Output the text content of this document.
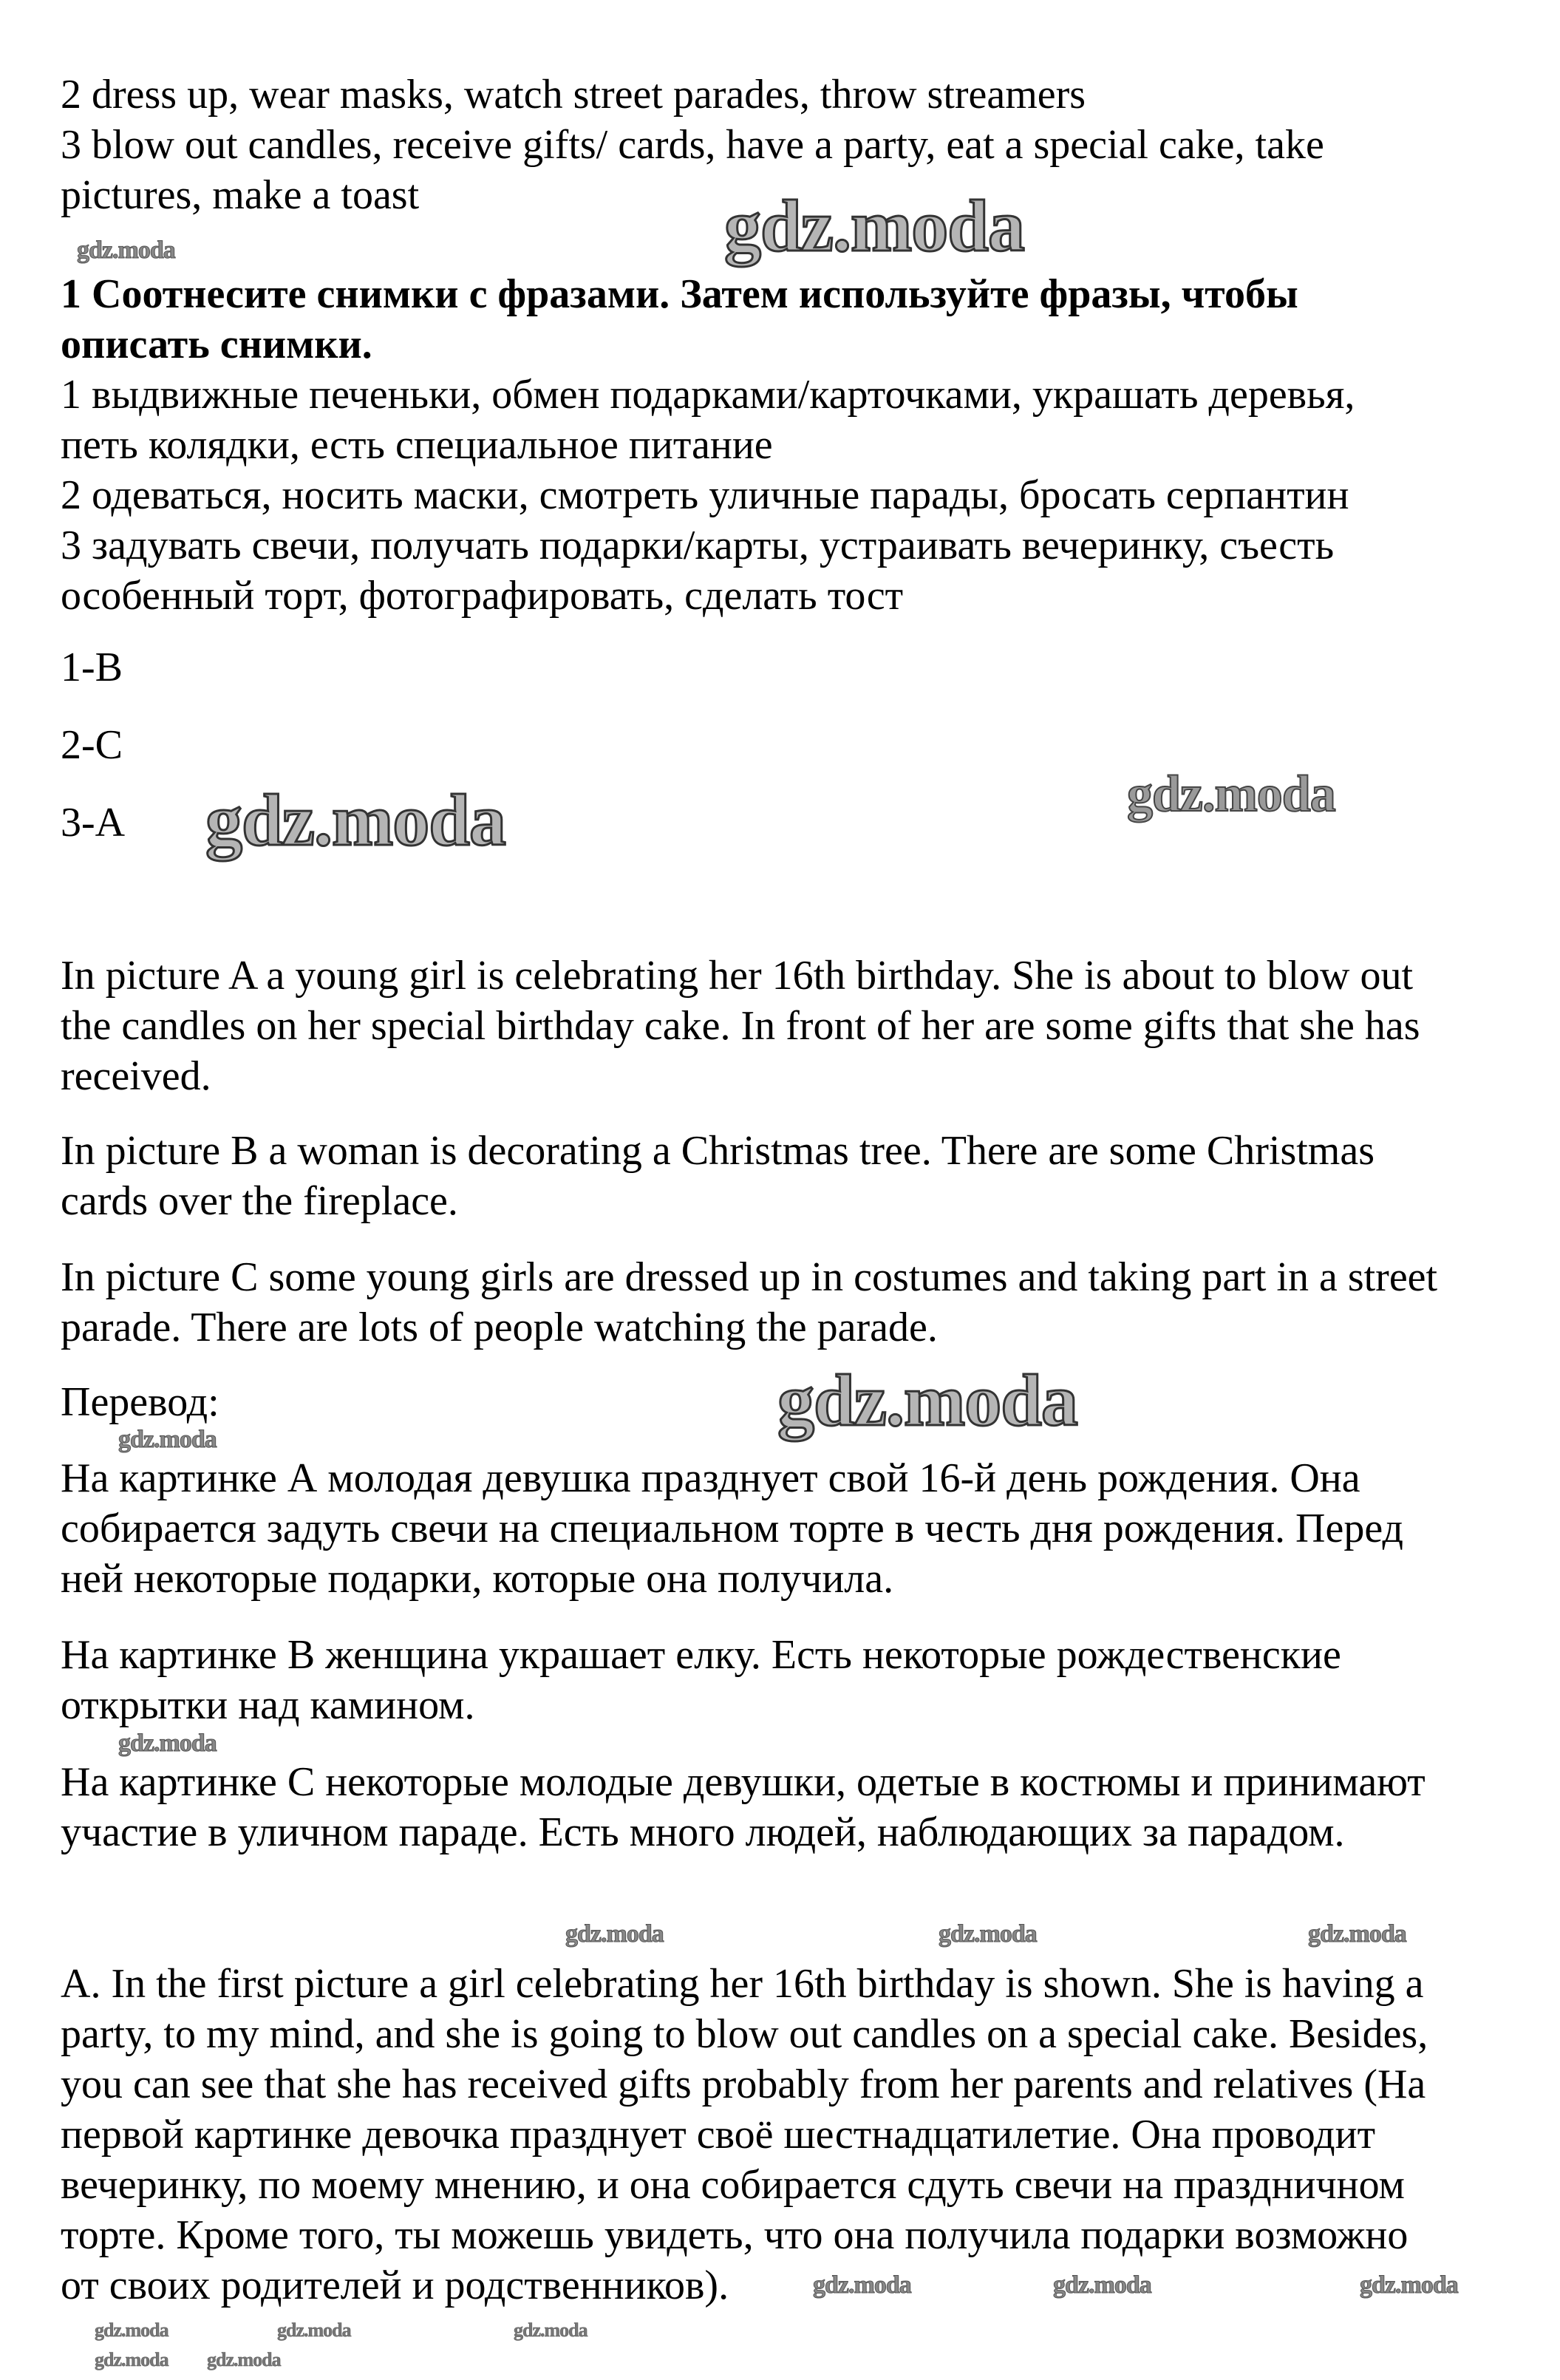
2 dress up, wear masks, watch street parades, throw streamers
3 blow out candles, receive gifts/ cards, have a party, eat a special cake, take
pictures, make a toast
1 Соотнесите снимки с фразами. Затем используйте фразы, чтобы
описать снимки.
1 выдвижные печеньки, обмен подарками/карточками, украшать деревья,
петь колядки, есть специальное питание
2 одеваться, носить маски, смотреть уличные парады, бросать серпантин
3 задувать свечи, получать подарки/карты, устраивать вечеринку, съесть
особенный торт, фотографировать, сделать тост
1-B
2-C
3-A
In picture A a young girl is celebrating her 16th birthday. She is about to blow out
the candles on her special birthday cake. In front of her are some gifts that she has
received.
In picture B a woman is decorating a Christmas tree. There are some Christmas
cards over the fireplace.
In picture C some young girls are dressed up in costumes and taking part in a street
parade. There are lots of people watching the parade.
Перевод:
На картинке А молодая девушка празднует свой 16-й день рождения. Она
собирается задуть свечи на специальном торте в честь дня рождения. Перед
ней некоторые подарки, которые она получила.
На картинке В женщина украшает елку. Есть некоторые рождественские
открытки над камином.
На картинке С некоторые молодые девушки, одетые в костюмы и принимают
участие в уличном параде. Есть много людей, наблюдающих за парадом.
A. In the first picture a girl celebrating her 16th birthday is shown. She is having a
party, to my mind, and she is going to blow out candles on a special cake. Besides,
you can see that she has received gifts probably from her parents and relatives (На
первой картинке девочка празднует своё шестнадцатилетие. Она проводит
вечеринку, по моему мнению, и она собирается сдуть свечи на праздничном
торте. Кроме того, ты можешь увидеть, что она получила подарки возможно
от своих родителей и родственников).
gdz.moda
gdz.moda
gdz.moda	gdz.moda
gdz.moda
gdz.moda
gdz.moda
gdz.moda	gdz.moda	gdz.moda
gdz.moda	gdz.moda	gdz.moda
gdz.moda
gdz.moda
gdz.moda	gdz.moda	gdz.moda
